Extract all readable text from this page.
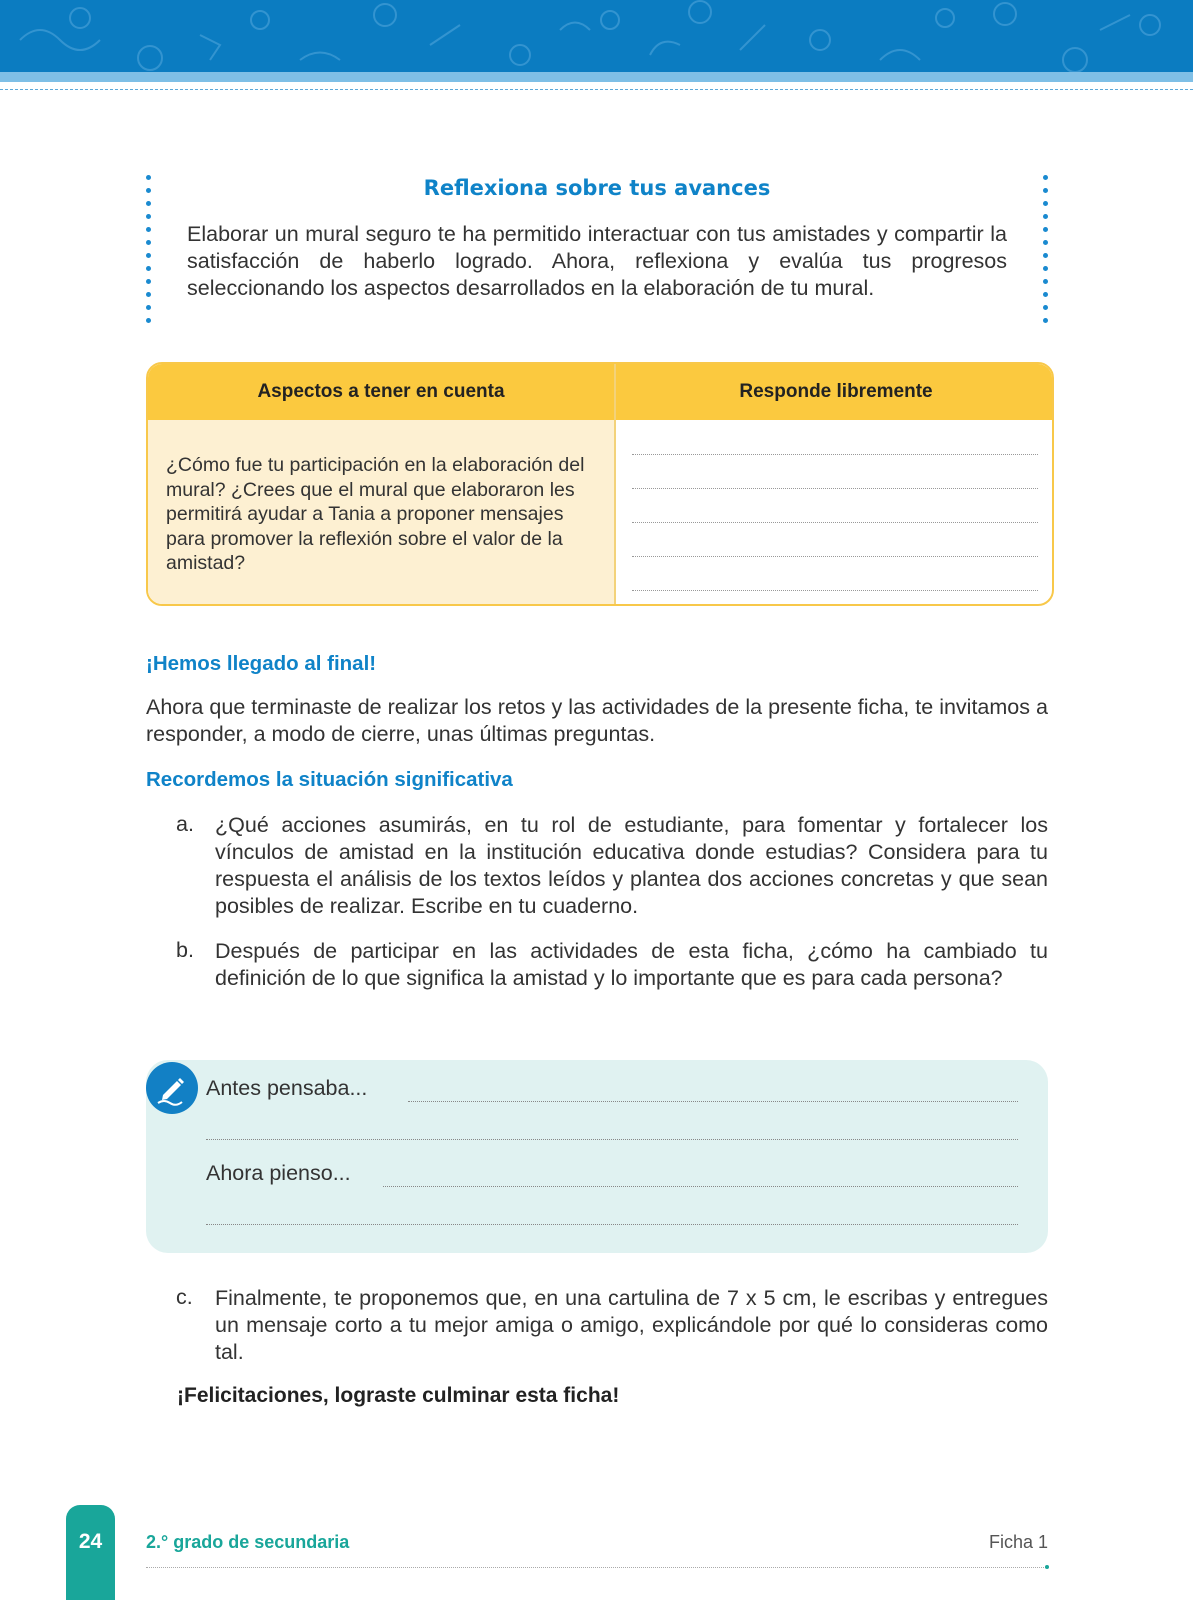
Reflexiona sobre tus avances
Elaborar un mural seguro te ha permitido interactuar con tus amistades y compartir la satisfacción de haberlo logrado. Ahora, reflexiona y evalúa tus progresos seleccionando los aspectos desarrollados en la elaboración de tu mural.
Aspectos a tener en cuenta	Responde libremente
¿Cómo fue tu participación en la elaboración del mural? ¿Crees que el mural que elaboraron les permitirá ayudar a Tania a proponer mensajes para promover la reflexión sobre el valor de la amistad?
¡Hemos llegado al final!
Ahora que terminaste de realizar los retos y las actividades de la presente ficha, te invitamos a responder, a modo de cierre, unas últimas preguntas.
Recordemos la situación significativa
a. ¿Qué acciones asumirás, en tu rol de estudiante, para fomentar y fortalecer los vínculos de amistad en la institución educativa donde estudias? Considera para tu respuesta el análisis de los textos leídos y plantea dos acciones concretas y que sean posibles de realizar. Escribe en tu cuaderno.
b. Después de participar en las actividades de esta ficha, ¿cómo ha cambiado tu definición de lo que significa la amistad y lo importante que es para cada persona?
Antes pensaba...
Ahora pienso...
c. Finalmente, te proponemos que, en una cartulina de 7 x 5 cm, le escribas y entregues un mensaje corto a tu mejor amiga o amigo, explicándole por qué lo consideras como tal.
¡Felicitaciones, lograste culminar esta ficha!
24	2.° grado de secundaria	Ficha 1
